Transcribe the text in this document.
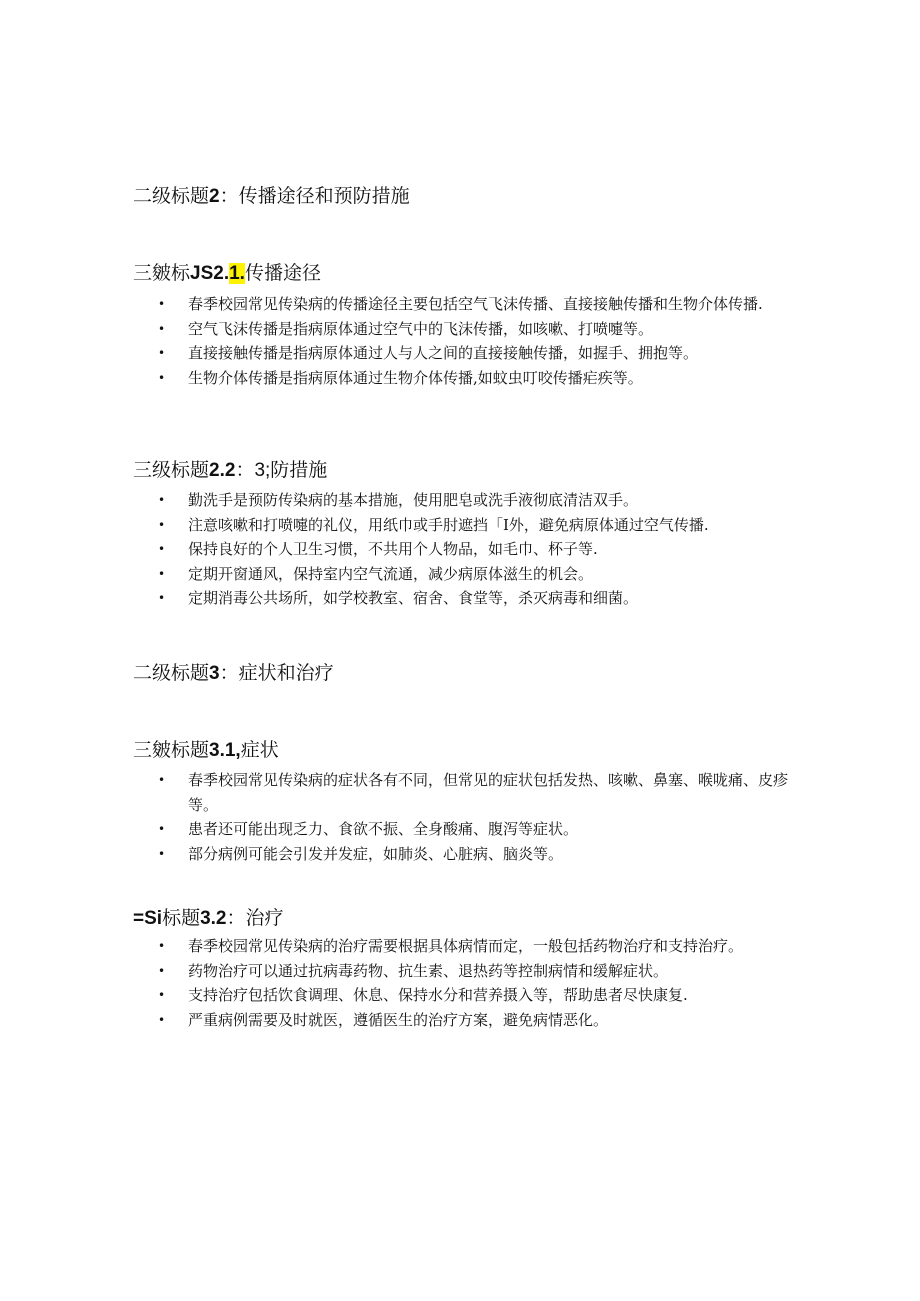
二级标题2：传播途径和预防措施
三皴标JS2.1.传播途径
• 春季校园常见传染病的传播途径主要包括空气飞沫传播、直接接触传播和生物介体传播.
• 空气飞沫传播是指病原体通过空气中的飞沫传播，如咳嗽、打喷嚏等。
• 直接接触传播是指病原体通过人与人之间的直接接触传播，如握手、拥抱等。
• 生物介体传播是指病原体通过生物介体传播,如蚊虫叮咬传播疟疾等。
三级标题2.2：3;防措施
• 勤洗手是预防传染病的基本措施，使用肥皂或洗手液彻底清洁双手。
• 注意咳嗽和打喷嚏的礼仪，用纸巾或手肘遮挡「I外，避免病原体通过空气传播.
• 保持良好的个人卫生习惯，不共用个人物品，如毛巾、杯子等.
• 定期开窗通风，保持室内空气流通，减少病原体滋生的机会。
• 定期消毒公共场所，如学校教室、宿舍、食堂等，杀灭病毒和细菌。
二级标题3：症状和治疗
三皴标题3.1,症状
• 春季校园常见传染病的症状各有不同，但常见的症状包括发热、咳嗽、鼻塞、喉咙痛、皮疹等。
• 患者还可能出现乏力、食欲不振、全身酸痛、腹泻等症状。
• 部分病例可能会引发并发症，如肺炎、心脏病、脑炎等。
=Si标题3.2：治疗
• 春季校园常见传染病的治疗需要根据具体病情而定，一般包括药物治疗和支持治疗。
• 药物治疗可以通过抗病毒药物、抗生素、退热药等控制病情和缓解症状。
• 支持治疗包括饮食调理、休息、保持水分和营养摄入等，帮助患者尽快康复.
• 严重病例需要及时就医，遵循医生的治疗方案，避免病情恶化。
